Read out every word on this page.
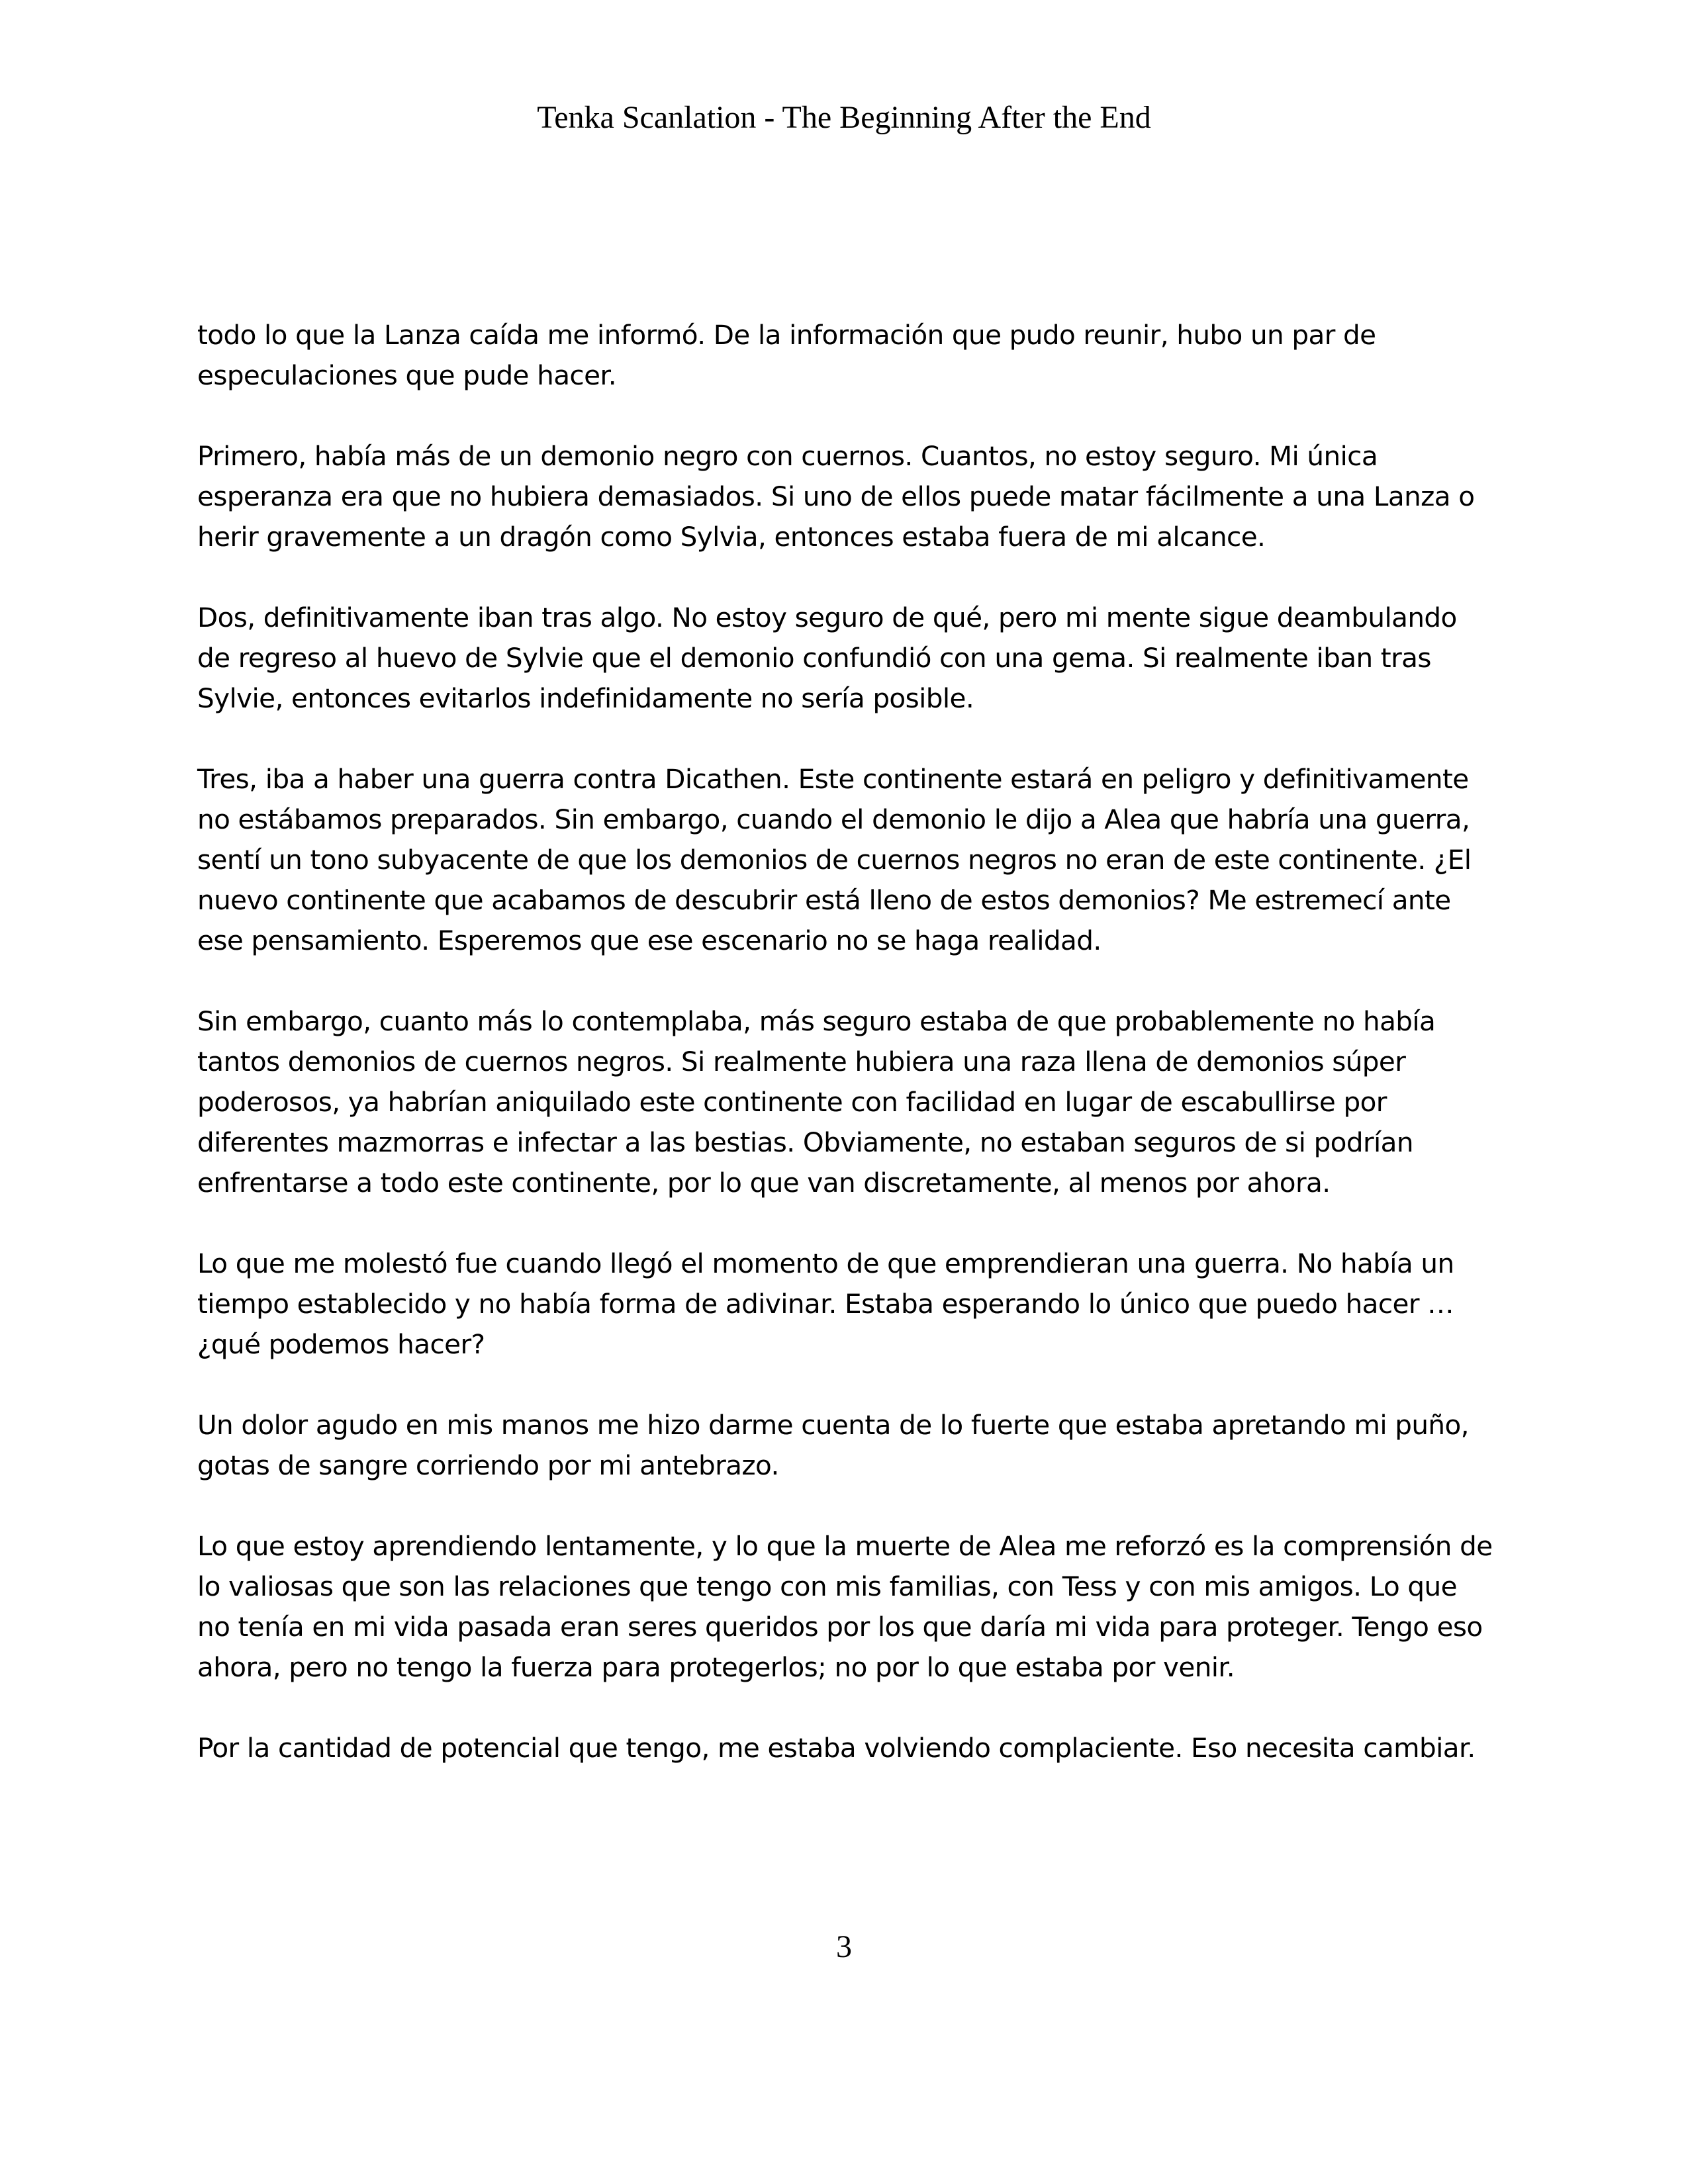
Tenka Scanlation - The Beginning After the End

todo lo que la Lanza caída me informó. De la información que pudo reunir, hubo un par de especulaciones que pude hacer.

Primero, había más de un demonio negro con cuernos. Cuantos, no estoy seguro. Mi única esperanza era que no hubiera demasiados. Si uno de ellos puede matar fácilmente a una Lanza o herir gravemente a un dragón como Sylvia, entonces estaba fuera de mi alcance.

Dos, definitivamente iban tras algo. No estoy seguro de qué, pero mi mente sigue deambulando de regreso al huevo de Sylvie que el demonio confundió con una gema. Si realmente iban tras Sylvie, entonces evitarlos indefinidamente no sería posible.

Tres, iba a haber una guerra contra Dicathen. Este continente estará en peligro y definitivamente no estábamos preparados. Sin embargo, cuando el demonio le dijo a Alea que habría una guerra, sentí un tono subyacente de que los demonios de cuernos negros no eran de este continente. ¿El nuevo continente que acabamos de descubrir está lleno de estos demonios? Me estremecí ante ese pensamiento. Esperemos que ese escenario no se haga realidad.

Sin embargo, cuanto más lo contemplaba, más seguro estaba de que probablemente no había tantos demonios de cuernos negros. Si realmente hubiera una raza llena de demonios súper poderosos, ya habrían aniquilado este continente con facilidad en lugar de escabullirse por diferentes mazmorras e infectar a las bestias. Obviamente, no estaban seguros de si podrían enfrentarse a todo este continente, por lo que van discretamente, al menos por ahora.

Lo que me molestó fue cuando llegó el momento de que emprendieran una guerra. No había un tiempo establecido y no había forma de adivinar. Estaba esperando lo único que puedo hacer … ¿qué podemos hacer?

Un dolor agudo en mis manos me hizo darme cuenta de lo fuerte que estaba apretando mi puño, gotas de sangre corriendo por mi antebrazo.

Lo que estoy aprendiendo lentamente, y lo que la muerte de Alea me reforzó es la comprensión de lo valiosas que son las relaciones que tengo con mis familias, con Tess y con mis amigos. Lo que no tenía en mi vida pasada eran seres queridos por los que daría mi vida para proteger. Tengo eso ahora, pero no tengo la fuerza para protegerlos; no por lo que estaba por venir.

Por la cantidad de potencial que tengo, me estaba volviendo complaciente. Eso necesita cambiar.

3
